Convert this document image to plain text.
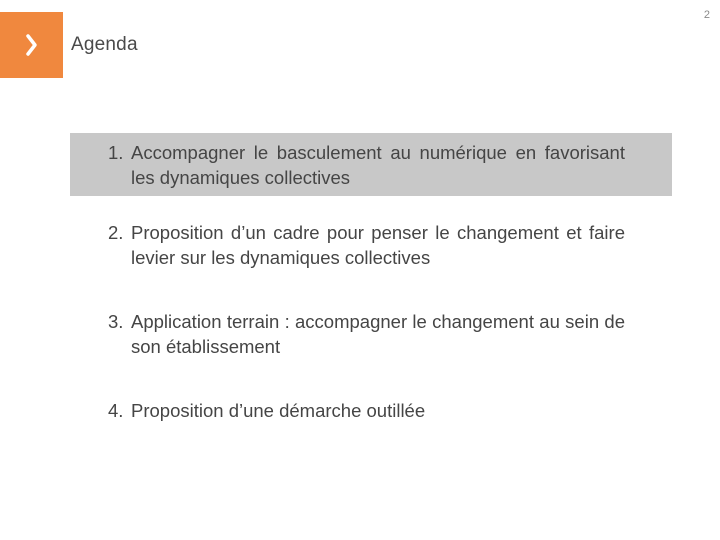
2
Agenda
1. Accompagner le basculement au numérique en favorisant les dynamiques collectives
2. Proposition d’un cadre pour penser le changement et faire levier sur les dynamiques collectives
3. Application terrain : accompagner le changement au sein de son établissement
4. Proposition d’une démarche outillée
